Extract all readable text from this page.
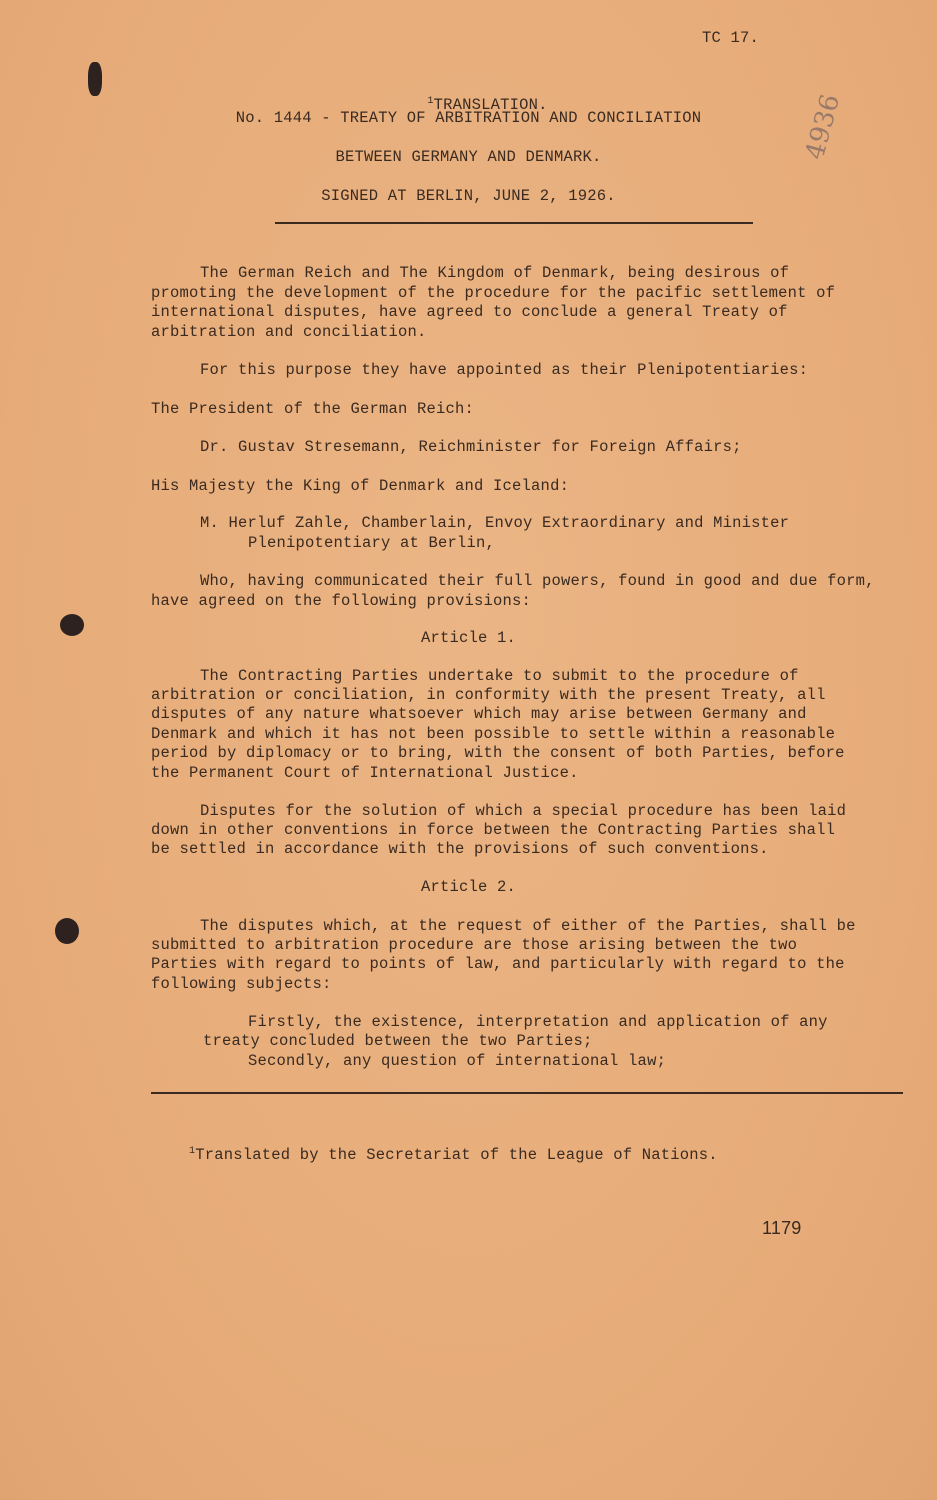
TC 17.

$^1$TRANSLATION.

No. 1444 - TREATY OF ARBITRATION AND CONCILIATION
BETWEEN GERMANY AND DENMARK.
SIGNED AT BERLIN, JUNE 2, 1926.
4936
The German Reich and The Kingdom of Denmark, being desirous of
promoting the development of the procedure for the pacific settlement of
international disputes, have agreed to conclude a general Treaty of
arbitration and conciliation.
For this purpose they have appointed as their Plenipotentiaries:
The President of the German Reich:
Dr. Gustav Stresemann, Reichminister for Foreign Affairs;
His Majesty the King of Denmark and Iceland:
M. Herluf Zahle, Chamberlain, Envoy Extraordinary and Minister
Plenipotentiary at Berlin,
Who, having communicated their full powers, found in good and due form,
have agreed on the following provisions:
Article 1.
The Contracting Parties undertake to submit to the procedure of
arbitration or conciliation, in conformity with the present Treaty, all
disputes of any nature whatsoever which may arise between Germany and
Denmark and which it has not been possible to settle within a reasonable
period by diplomacy or to bring, with the consent of both Parties, before
the Permanent Court of International Justice.
Disputes for the solution of which a special procedure has been laid
down in other conventions in force between the Contracting Parties shall
be settled in accordance with the provisions of such conventions.
Article 2.
The disputes which, at the request of either of the Parties, shall be
submitted to arbitration procedure are those arising between the two
Parties with regard to points of law, and particularly with regard to the
following subjects:
Firstly, the existence, interpretation and application of any
treaty concluded between the two Parties;
Secondly, any question of international law;

$^1$Translated by the Secretariat of the League of Nations.

1179
